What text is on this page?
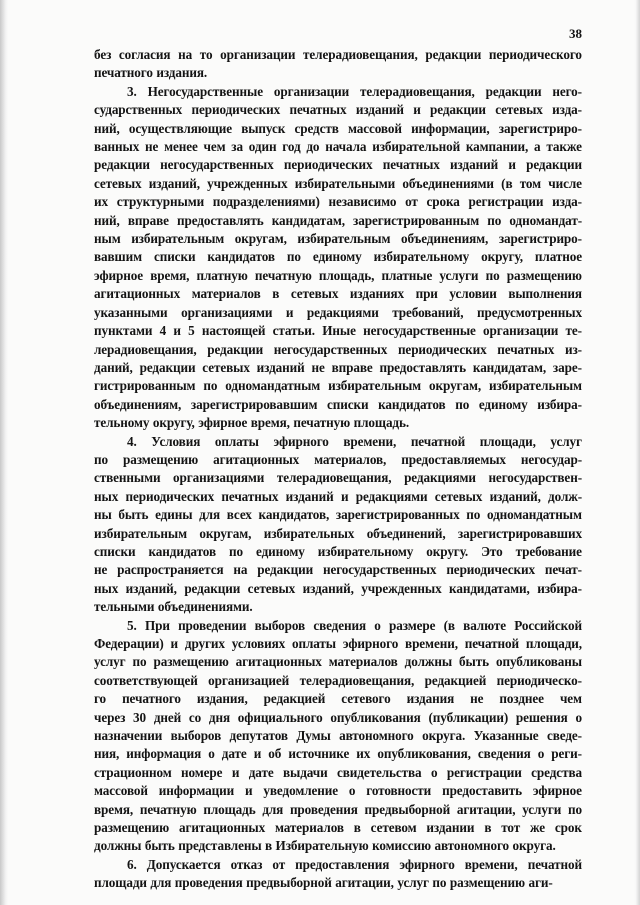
38
без согласия на то организации телерадиовещания, редакции периодического
печатного издания.
3. Негосударственные организации телерадиовещания, редакции него-
сударственных периодических печатных изданий и редакции сетевых изда-
ний, осуществляющие выпуск средств массовой информации, зарегистриро-
ванных не менее чем за один год до начала избирательной кампании, а также
редакции негосударственных периодических печатных изданий и редакции
сетевых изданий, учрежденных избирательными объединениями (в том числе
их структурными подразделениями) независимо от срока регистрации изда-
ний, вправе предоставлять кандидатам, зарегистрированным по одномандат-
ным избирательным округам, избирательным объединениям, зарегистриро-
вавшим списки кандидатов по единому избирательному округу, платное
эфирное время, платную печатную площадь, платные услуги по размещению
агитационных материалов в сетевых изданиях при условии выполнения
указанными организациями и редакциями требований, предусмотренных
пунктами 4 и 5 настоящей статьи. Иные негосударственные организации те-
лерадиовещания, редакции негосударственных периодических печатных из-
даний, редакции сетевых изданий не вправе предоставлять кандидатам, заре-
гистрированным по одномандатным избирательным округам, избирательным
объединениям, зарегистрировавшим списки кандидатов по единому избира-
тельному округу, эфирное время, печатную площадь.
4. Условия оплаты эфирного времени, печатной площади, услуг
по размещению агитационных материалов, предоставляемых негосудар-
ственными организациями телерадиовещания, редакциями негосударствен-
ных периодических печатных изданий и редакциями сетевых изданий, долж-
ны быть едины для всех кандидатов, зарегистрированных по одномандатным
избирательным округам, избирательных объединений, зарегистрировавших
списки кандидатов по единому избирательному округу. Это требование
не распространяется на редакции негосударственных периодических печат-
ных изданий, редакции сетевых изданий, учрежденных кандидатами, избира-
тельными объединениями.
5. При проведении выборов сведения о размере (в валюте Российской
Федерации) и других условиях оплаты эфирного времени, печатной площади,
услуг по размещению агитационных материалов должны быть опубликованы
соответствующей организацией телерадиовещания, редакцией периодическо-
го печатного издания, редакцией сетевого издания не позднее чем
через 30 дней со дня официального опубликования (публикации) решения о
назначении выборов депутатов Думы автономного округа. Указанные сведе-
ния, информация о дате и об источнике их опубликования, сведения о реги-
страционном номере и дате выдачи свидетельства о регистрации средства
массовой информации и уведомление о готовности предоставить эфирное
время, печатную площадь для проведения предвыборной агитации, услуги по
размещению агитационных материалов в сетевом издании в тот же срок
должны быть представлены в Избирательную комиссию автономного округа.
6. Допускается отказ от предоставления эфирного времени, печатной
площади для проведения предвыборной агитации, услуг по размещению аги-
